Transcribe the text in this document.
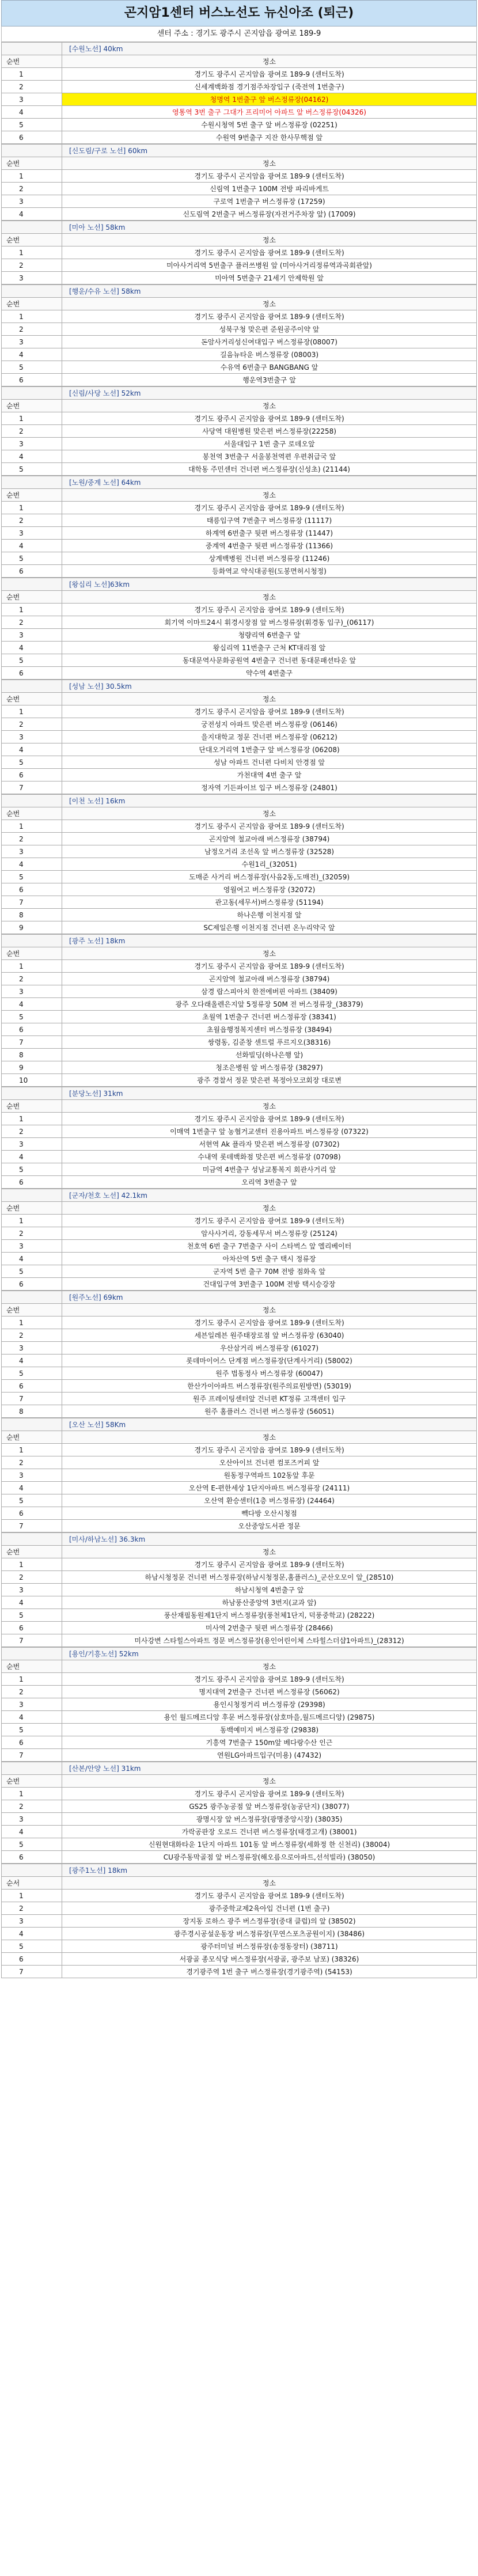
곤지암1센터 버스노선도 뉴신아조 (퇴근)
센터 주소 : 경기도 광주시 곤지암읍 광여로 189-9
	[수원노선] 40km
순번	정소
1	경기도 광주시 곤지암읍 광여로 189-9 (센터도착)
2	신세계백화점 경기점주차장입구 (죽전역 1번출구)
3	청명역 1번출구 앞 버스정류장(04162)
4	영통역 3번 출구 그대가 프리미어 아파트 앞 버스정류장(04326)
5	수원시청역 5번 출구 앞 버스정류장 (02251)
6	수원역 9번출구 지잔 한사무핵점 앞
	[신도림/구로 노선] 60km
순번	정소
1	경기도 광주시 곤지암읍 광여로 189-9 (센터도착)
2	신림역 1번출구 100M 전방 파리바게트
3	구로역 1번출구 버스정류장 (17259)
4	신도림역 2번출구 버스정류장(자전거주차장 앞) (17009)
	[미아 노선] 58km
순번	정소
1	경기도 광주시 곤지암읍 광여로 189-9 (센터도착)
2	미아사거리역 5번출구 플러쓰병원 앞 (미아사거리정류역과곡회관앞)
3	미아역 5번출구 21세기 안제학원 앞
	[행운/수유 노선] 58km
순번	정소
1	경기도 광주시 곤지암읍 광여로 189-9 (센터도착)
2	성북구청 맞은편 준원공주이약 앞
3	돈암사거리성신여대입구 버스정류장(08007)
4	길음뉴타운 버스정류장 (08003)
5	수유역 6번출구 BANGBANG 앞
6	행운역3번출구 앞
	[신림/사당 노선] 52km
순번	정소
1	경기도 광주시 곤지암읍 광여로 189-9 (센터도착)
2	사당역 대원병원 맞은편 버스정류장(22258)
3	서울대입구 1번 출구 로데오앞
4	봉천역 3번출구 서울봉천역편 우편취급국 앞
5	대학동 주민센터 건너편 버스정류장(신성초) (21144)
	[노원/중계 노선] 64km
순번	정소
1	경기도 광주시 곤지암읍 광여로 189-9 (센터도착)
2	태릉입구역 7번출구 버스정류장 (11117)
3	하계역 6번출구 뒷편 버스정류장 (11447)
4	중계역 4번출구 뒷편 버스정류장 (11366)
5	상계백병원 건너편 버스정류장 (11246)
6	등화역교 약식대공원(도봉면허시청정)
	[왕십리 노선]63km
순번	정소
1	경기도 광주시 곤지암읍 광여로 189-9 (센터도착)
2	회기역 이마트24시 휘경시장점 앞 버스정류장(휘경동 입구)_(06117)
3	청량리역 6번출구 앞
4	왕십리역 11번출구 근처 KT대리점 앞
5	동대문역사문화공원역 4번출구 건너편 동대문패션타운 앞
6	약수역 4번출구
	[성남 노선] 30.5km
순번	정소
1	경기도 광주시 곤지암읍 광여로 189-9 (센터도착)
2	궁전성지 아파트 맞은편 버스정류장 (06146)
3	을지대학교 정문 건너편 버스정류장 (06212)
4	단대오거리역 1번출구 앞 버스정류장 (06208)
5	성남 아파트 건너편 다비치 안경점 앞
6	가천대역 4번 출구 앞
7	정자역 기든파이브 입구 버스정류장 (24801)
	[이천 노선] 16km
순번	정소
1	경기도 광주시 곤지암읍 광여로 189-9 (센터도착)
2	곤지암역 철교아래 버스정류장 (38794)
3	남정오거리 조선옥 앞 버스정류장 (32528)
4	수원1리_(32051)
5	도매준 사거리 버스정류장(사음2동,도매전)_(32059)
6	영월여고 버스정류장 (32072)
7	관고동(세무서)버스정류장 (51194)
8	하나은행 이천지점 앞
9	SC제일은행 이천지점 건너편 온누리약국 앞
	[광주 노선] 18km
순번	정소
1	경기도 광주시 곤지암읍 광여로 189-9 (센터도착)
2	곤지암역 철교아래 버스정류장 (38794)
3	삼경 랍스피아치 한전에버핀 아파트 (38409)
4	광주 오다래올렌은지앞 5정류장 50M 전 버스정류장_(38379)
5	초월역 1번출구 건너편 버스정류장 (38341)
6	초월읍행정복지센터 버스정류장 (38494)
7	쌍령동, 김준창 센트럴 푸르지오(38316)
8	선화빌딩(하나은행 앞)
9	청조은병원 앞 버스정류장 (38297)
10	광주 경찰서 정문 맞은편 복정아모코회장 대로변
	[분당노선] 31km
순번	정소
1	경기도 광주시 곤지암읍 광여로 189-9 (센터도착)
2	이매역 1번출구 앞 농협거교센터 진용아파트 버스정류장 (07322)
3	서현역 Ak 플라자 맞은편 버스정류장 (07302)
4	수내역 롯데백화점 맞은편 버스정류장 (07098)
5	미금역 4번출구 성남교통복지 회관사거리 앞
6	오리역 3번출구 앞
	[군자/천호 노선] 42.1km
순번	정소
1	경기도 광주시 곤지암읍 광여로 189-9 (센터도착)
2	암사사거리, 강동세무서 버스정류장 (25124)
3	천호역 6번 출구 7번출구 사이 스타벅스 앞 엘리베이터
4	아차산역 5번 출구 택시 정류장
5	군자역 5번 출구 70M 전방 점화옥 앞
6	건대입구역 3번출구 100M 전방 택시승강장
	[원주노선] 69km
순번	정소
1	경기도 광주시 곤지암읍 광여로 189-9 (센터도착)
2	세븐일레븐 원주태장로점 앞 버스정류장 (63040)
3	우산삼거리 버스정류장 (61027)
4	롯데마이어스 단계점 버스정류장(단계사거리) (58002)
5	원주 법동정사 버스정류장 (60047)
6	한산가이아파트 버스정류장(원주의료원방면) (53019)
7	원주 프레이팅센터앞 건너편 KT정류 고객센터 입구
8	원주 홈플러스 건너편 버스정류장 (56051)
	[오산 노선] 58Km
순번	정소
1	경기도 광주시 곤지암읍 광여로 189-9 (센터도착)
2	오산아이브 건너편 컴포즈커피 앞
3	원동정구역파트 102동앞 후문
4	오산역 E-편한세상 1단지아파트 버스정류장 (24111)
5	오산역 환승센터(1층 버스정류장) (24464)
6	빽다방 오산시청점
7	오산중앙도서관 정문
	[미사/하남노선] 36.3km
순번	정소
1	경기도 광주시 곤지암읍 광여로 189-9 (센터도착)
2	하남시청정문 건너편 버스정류장(하남시청정문,홈플러스)_군산오모이 앞_(28510)
3	하남시청역 4번출구 앞
4	하남풍산중앙역 3번지(교과 앞)
5	풍산재필동원제1단지 버스정류장(풍천체1단지, 덕풍중학교) (28222)
6	미사역 2번출구 뒷편 버스정류장 (28466)
7	미사강변 스타힐스아파트 정문 버스정류장(용인어린이체 스타힐스더샵1아파트)_(28312)
	[용인/기흥노선] 52km
순번	정소
1	경기도 광주시 곤지암읍 광여로 189-9 (센터도착)
2	명지대역 2번출구 건너편 버스정류장 (56062)
3	용인시청정거리 버스정류장 (29398)
4	용인 월드메르디앙 후문 버스정류장(삼호마을,월드메르디앙) (29875)
5	동백예미지 버스정류장 (29838)
6	기흥역 7번출구 150m앞 베다랑수산 인근
7	연원LG아파트입구(미용) (47432)
	[산본/안양 노선] 31km
순번	정소
1	경기도 광주시 곤지암읍 광여로 189-9 (센터도착)
2	GS25 광주농공점 앞 버스정류장(농공단지) (38077)
3	광명시장 앞 버스정류장(광명중앙시장) (38035)
4	가락공판장 오로드 건너편 버스정류장(태경고개) (38001)
5	신원현대화타운 1단지 아파트 101동 앞 버스정류장(세화정 한 신천리) (38004)
6	CU광주동막골점 앞 버스정류장(해오름으로아파트,선석빌라) (38050)
	[광주1노선] 18km
순서	정소
1	경기도 광주시 곤지암읍 광여로 189-9 (센터도착)
2	광주중학교제2육아입 건너편 (1번 출구)
3	장지동 로하스 광주 버스정류장(중대 클럽)의 앞 (38502)
4	광주경시공설운동장 버스정류장(무연스포츠공원이지) (38486)
5	광주터미널 버스정류장(송정동장터) (38711)
6	서광골 종모식당 버스정류장(서광골, 광주보 남포) (38326)
7	경기광주역 1번 출구 버스정류장(경기광주역) (54153)
